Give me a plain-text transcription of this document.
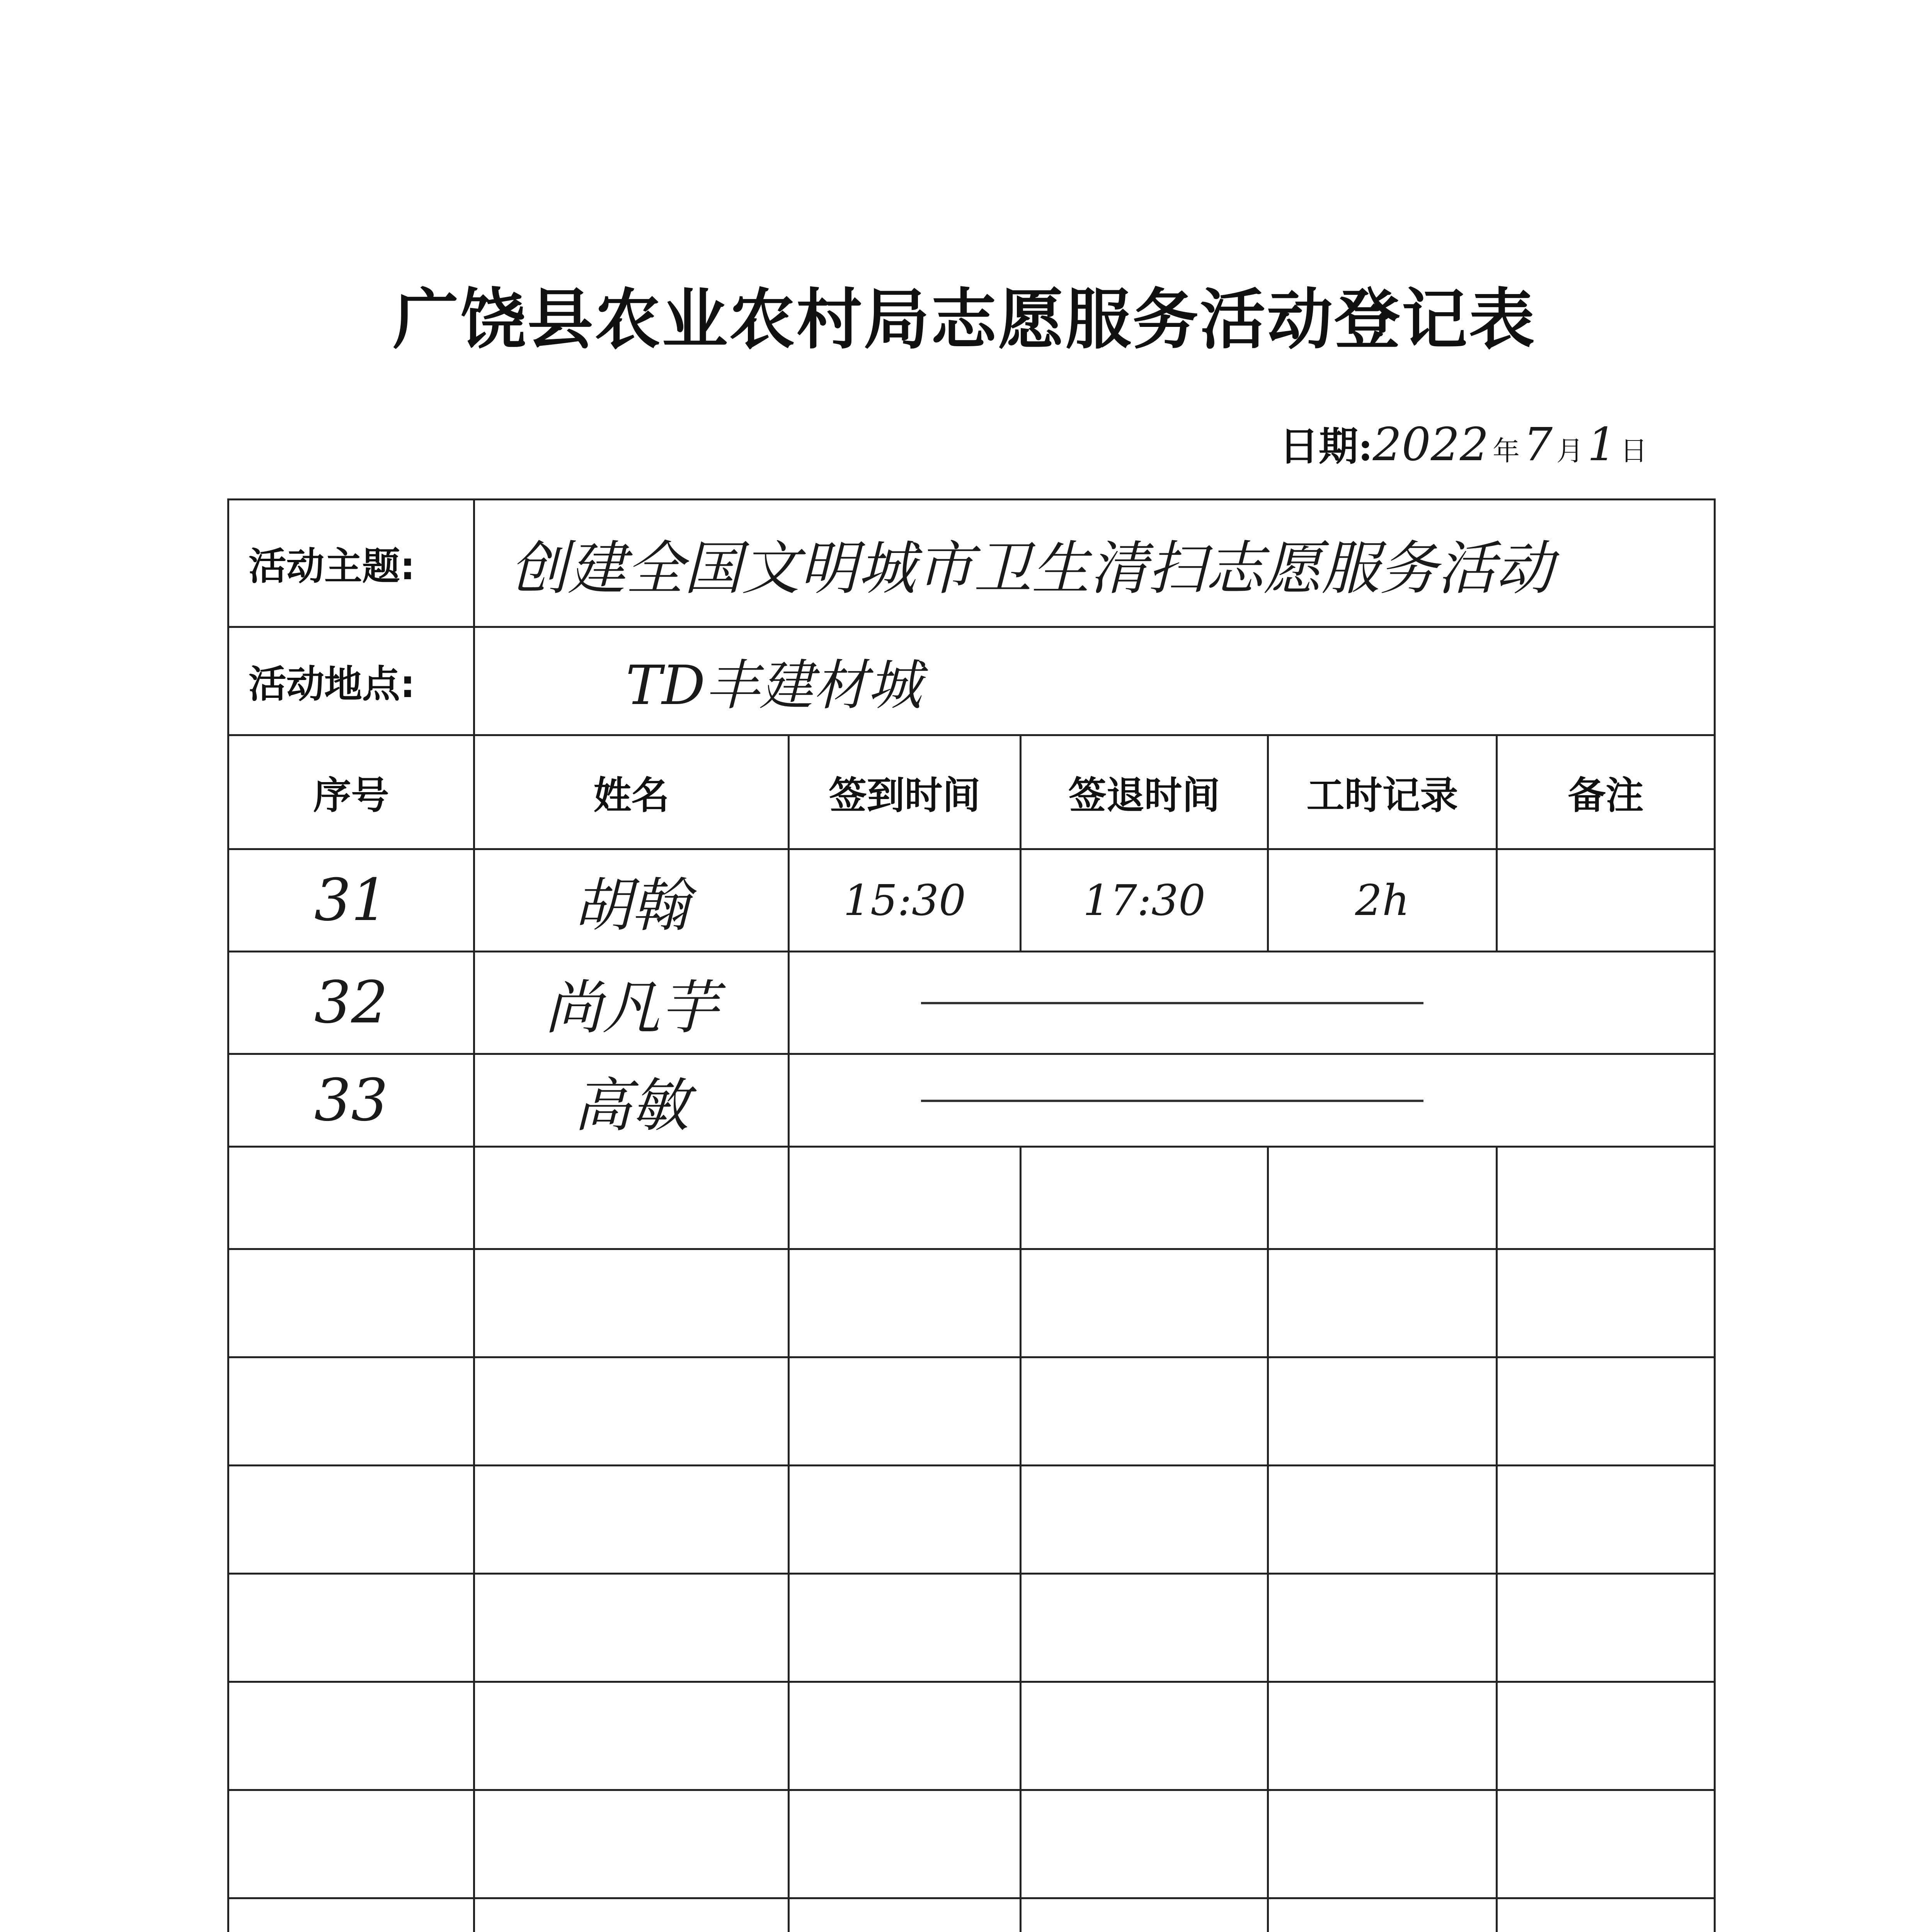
广饶县农业农村局志愿服务活动登记表
日期: 2022 年 7 月 1 日
活动主题:	创建全国文明城市卫生清扫志愿服务活动				
活动地点:	TD丰建材城				
序号	姓名	签到时间	签退时间	工时记录	备注
31	胡翰	15:30	17:30	2h	
32	尚凡芋				
33	高敏				
